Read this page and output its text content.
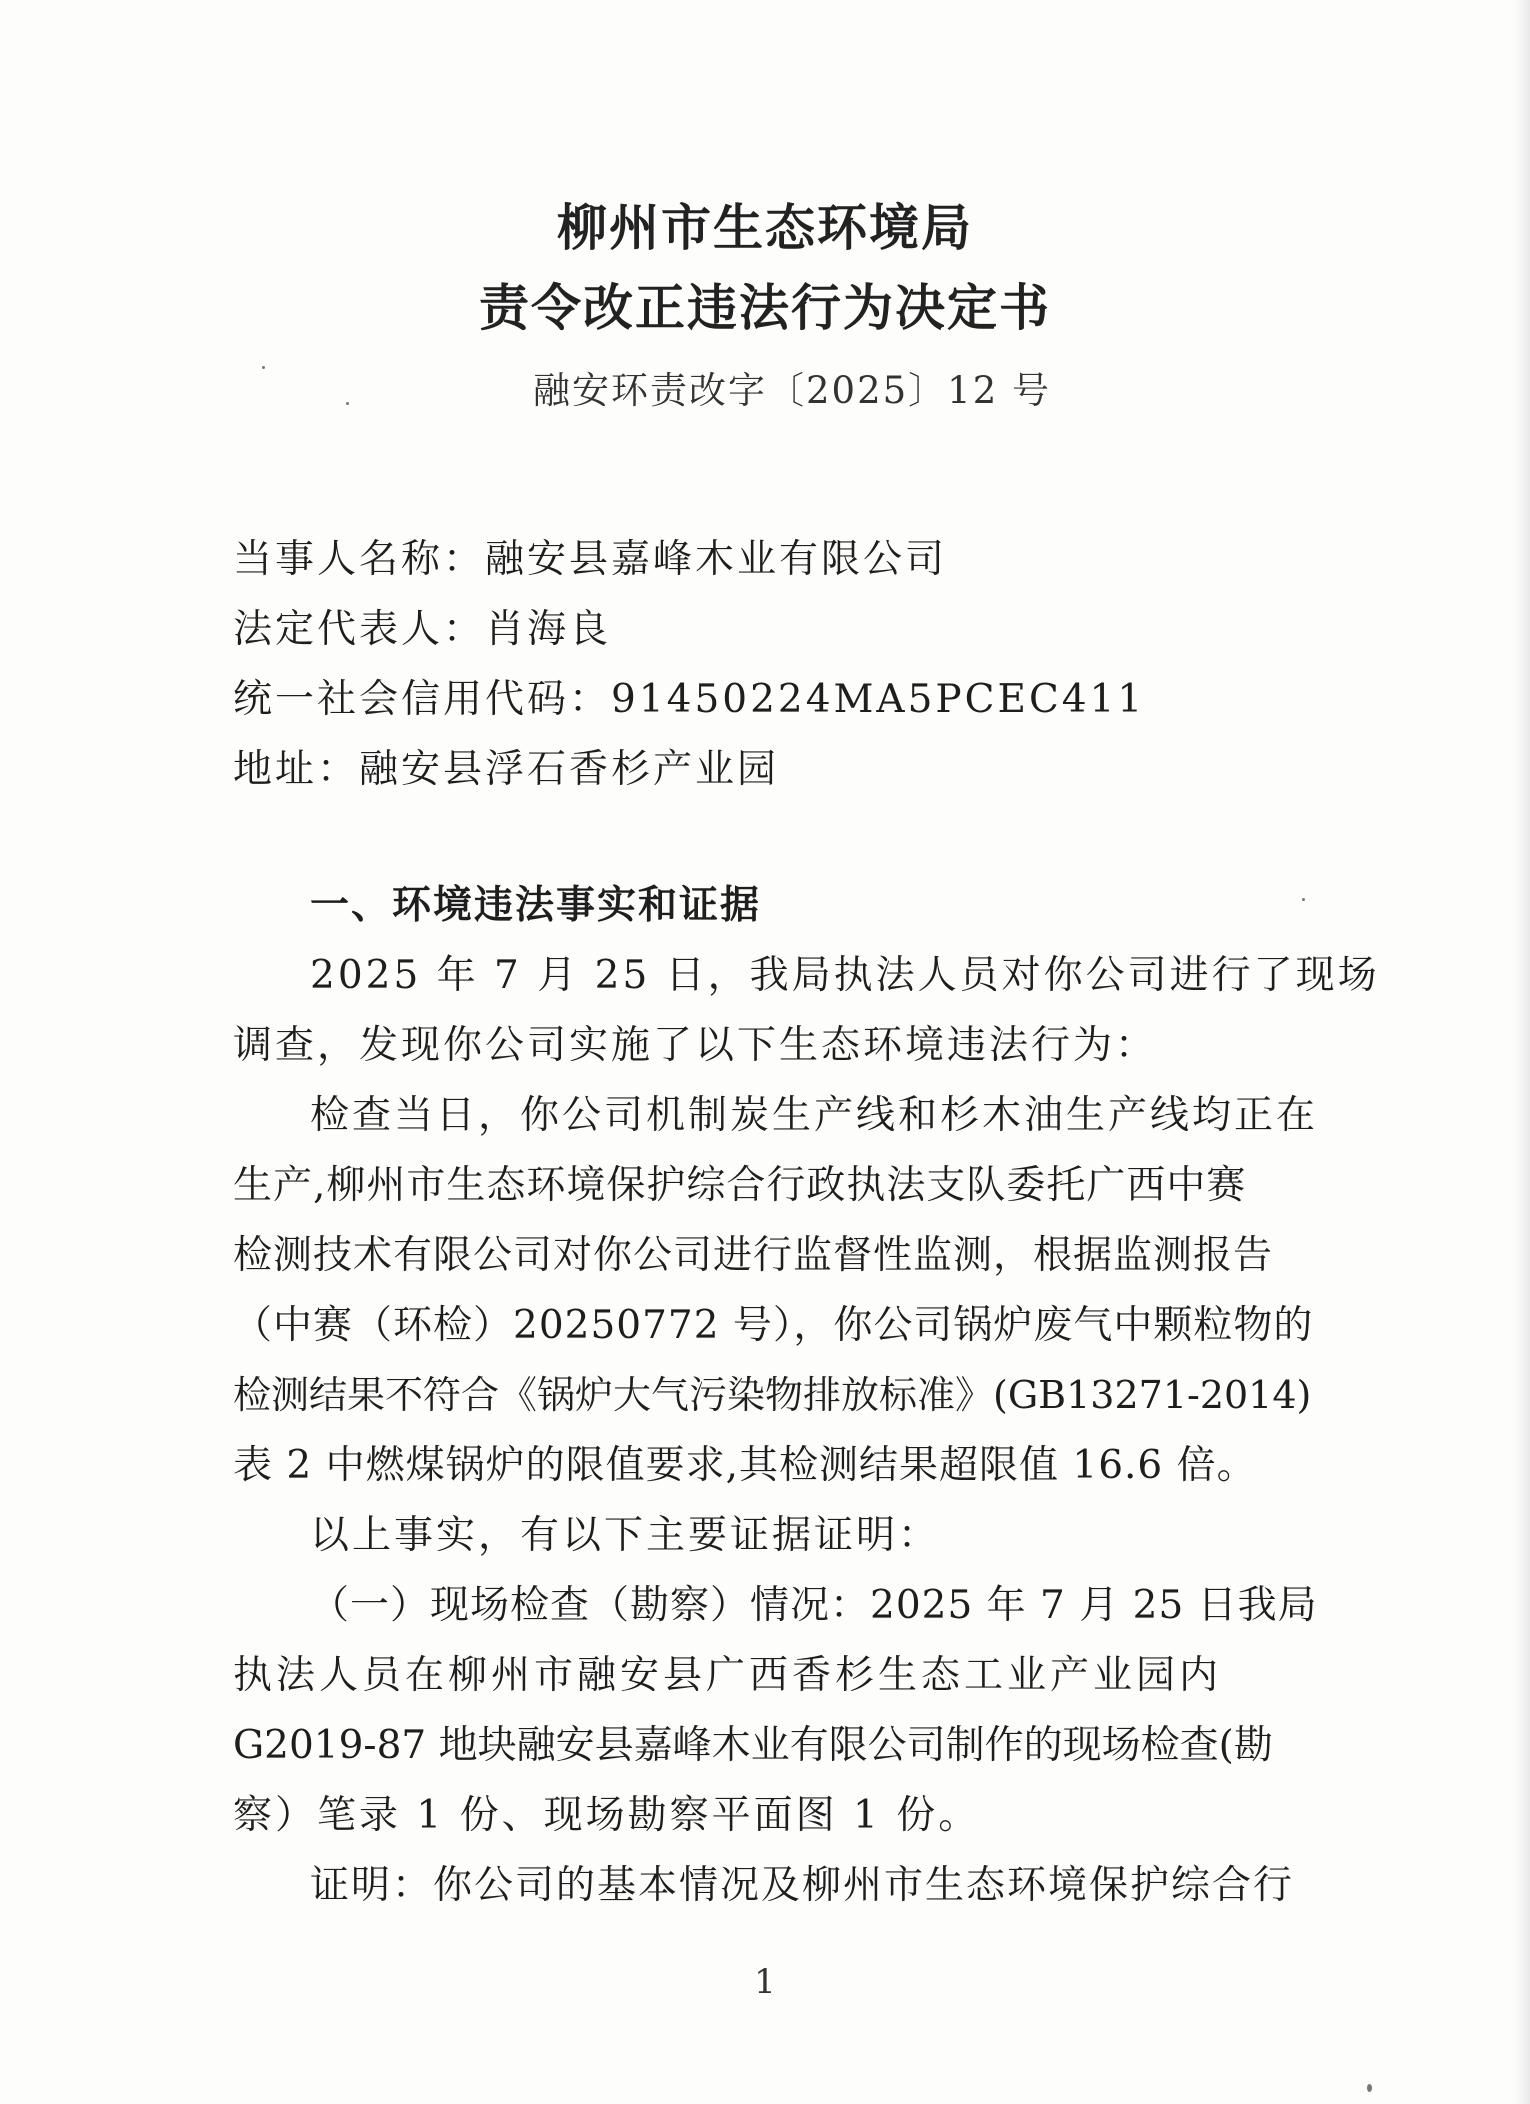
柳州市生态环境局
责令改正违法行为决定书
融安环责改字〔2025〕12 号
当事人名称：融安县嘉峰木业有限公司
法定代表人：肖海良
统一社会信用代码：91450224MA5PCEC411
地址：融安县浮石香杉产业园
一、环境违法事实和证据
2025 年 7 月 25 日，我局执法人员对你公司进行了现场
调查，发现你公司实施了以下生态环境违法行为：
检查当日，你公司机制炭生产线和杉木油生产线均正在
生产,柳州市生态环境保护综合行政执法支队委托广西中赛
检测技术有限公司对你公司进行监督性监测，根据监测报告
（中赛（环检）20250772 号），你公司锅炉废气中颗粒物的
检测结果不符合《锅炉大气污染物排放标准》(GB13271-2014)
表 2 中燃煤锅炉的限值要求,其检测结果超限值 16.6 倍。
以上事实，有以下主要证据证明：
（一）现场检查（勘察）情况：2025 年 7 月 25 日我局
执法人员在柳州市融安县广西香杉生态工业产业园内
G2019-87 地块融安县嘉峰木业有限公司制作的现场检查(勘
察）笔录 1 份、现场勘察平面图 1 份。
证明：你公司的基本情况及柳州市生态环境保护综合行
1
